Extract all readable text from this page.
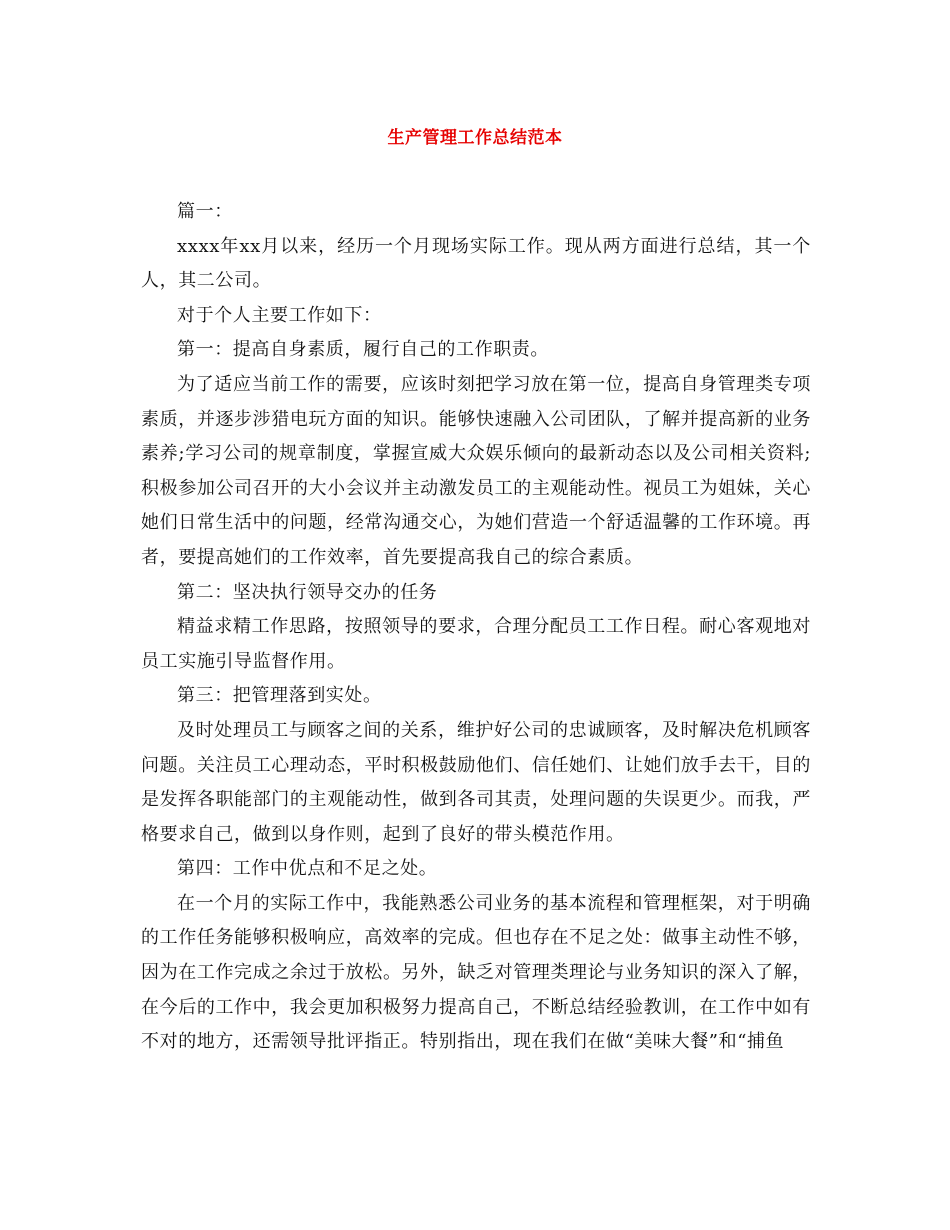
生产管理工作总结范本

篇一：

xxxx年xx月以来，经历一个月现场实际工作。现从两方面进行总结，其一个人，其二公司。

对于个人主要工作如下：

第一：提高自身素质，履行自己的工作职责。

为了适应当前工作的需要，应该时刻把学习放在第一位，提高自身管理类专项素质，并逐步涉猎电玩方面的知识。能够快速融入公司团队，了解并提高新的业务素养;学习公司的规章制度，掌握宣威大众娱乐倾向的最新动态以及公司相关资料;积极参加公司召开的大小会议并主动激发员工的主观能动性。视员工为姐妹，关心她们日常生活中的问题，经常沟通交心，为她们营造一个舒适温馨的工作环境。再者，要提高她们的工作效率，首先要提高我自己的综合素质。

第二：坚决执行领导交办的任务

精益求精工作思路，按照领导的要求，合理分配员工工作日程。耐心客观地对员工实施引导监督作用。

第三：把管理落到实处。

及时处理员工与顾客之间的关系，维护好公司的忠诚顾客，及时解决危机顾客问题。关注员工心理动态，平时积极鼓励他们、信任她们、让她们放手去干，目的是发挥各职能部门的主观能动性，做到各司其责，处理问题的失误更少。而我，严格要求自己，做到以身作则，起到了良好的带头模范作用。

第四：工作中优点和不足之处。

在一个月的实际工作中，我能熟悉公司业务的基本流程和管理框架，对于明确的工作任务能够积极响应，高效率的完成。但也存在不足之处：做事主动性不够，因为在工作完成之余过于放松。另外，缺乏对管理类理论与业务知识的深入了解，在今后的工作中，我会更加积极努力提高自己，不断总结经验教训，在工作中如有不对的地方，还需领导批评指正。特别指出，现在我们在做“美味大餐”和“捕鱼
